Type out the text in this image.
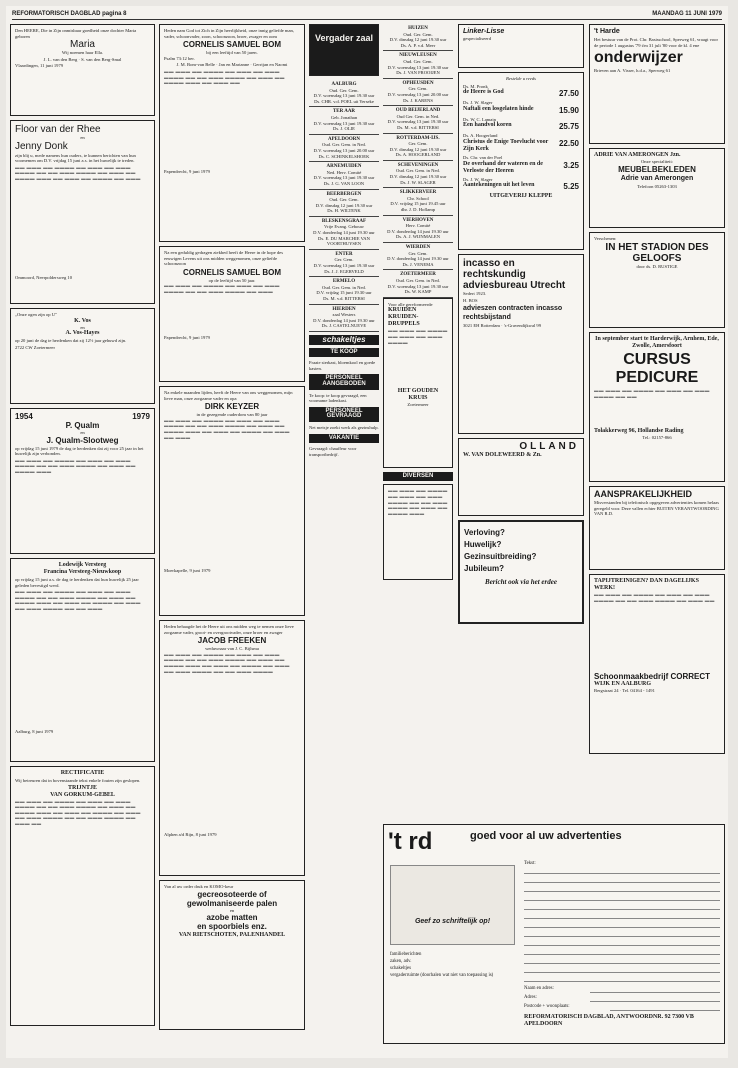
REFORMATORISCH DAGBLAD pagina 8	MAANDAG 11 JUNI 1979
Den HEERE, Die in Zijn onmisbaar goedheid onze dochter Maria geboren
Maria
Wij noemen haar Ella.
J. L. van den Berg · S. van den Berg-Smal
Vlaardingen, 11 juni 1979
Floor van der Rhee
en
Jenny Donk
zijn blij u, mede namens hun ouders, te kunnen berichten van hun voornemen om D.V. vrijdag 15 juni a.s. in het huwelijk te treden.
▬▬ ▬▬▬ ▬▬ ▬▬▬▬ ▬▬ ▬▬▬ ▬▬ ▬▬▬ ▬▬▬▬ ▬▬ ▬▬ ▬▬▬ ▬▬▬▬ ▬▬ ▬▬▬ ▬▬ ▬▬▬▬ ▬▬▬ ▬▬ ▬▬▬ ▬▬ ▬▬▬▬ ▬▬ ▬▬▬
Ommoord, Neerpoldersweg 10
„Onze ogen zijn op U"
K. Vos
en
A. Vos-Hayes
op 20 juni de dag te herdenken dat zij 12½ jaar gehuwd zijn.
2722 CW Zoetermeer
1954	1979
P. Qualm
en
J. Qualm-Slootweg
op vrijdag 15 juni 1979 de dag te herdenken dat zij voor 25 jaar in het huwelijk zijn verbonden.
▬▬ ▬▬▬ ▬▬ ▬▬▬▬ ▬▬ ▬▬▬ ▬▬ ▬▬▬ ▬▬▬▬ ▬▬ ▬▬ ▬▬▬ ▬▬▬▬ ▬▬ ▬▬▬ ▬▬ ▬▬▬▬ ▬▬▬
Lodewijk Versteeg
Francina Versteeg-Nieuwkoop
op vrijdag 15 juni a.s. de dag te herdenken dat hun huwelijk 25 jaar geleden bevestigd werd.
▬▬ ▬▬▬ ▬▬ ▬▬▬▬ ▬▬ ▬▬▬ ▬▬ ▬▬▬ ▬▬▬▬ ▬▬ ▬▬ ▬▬▬ ▬▬▬▬ ▬▬ ▬▬▬ ▬▬ ▬▬▬▬ ▬▬▬ ▬▬ ▬▬▬ ▬▬ ▬▬▬▬ ▬▬ ▬▬▬ ▬▬ ▬▬▬ ▬▬▬▬ ▬▬ ▬▬ ▬▬▬
Aalburg, 8 juni 1979
RECTIFICATIE
Wij betreuren dat in bovenstaande tekst enkele fouten zijn geslopen.
TRIJNTJE
VAN GORKUM-GEBEL
▬▬ ▬▬▬ ▬▬ ▬▬▬▬ ▬▬ ▬▬▬ ▬▬ ▬▬▬ ▬▬▬▬ ▬▬ ▬▬ ▬▬▬ ▬▬▬▬ ▬▬ ▬▬▬ ▬▬ ▬▬▬▬ ▬▬▬ ▬▬ ▬▬▬ ▬▬ ▬▬▬▬ ▬▬ ▬▬▬ ▬▬ ▬▬▬ ▬▬▬▬ ▬▬ ▬▬ ▬▬▬ ▬▬▬▬ ▬▬ ▬▬▬ ▬▬
Heden nam God tot Zich in Zijn heerlijkheid, onze innig geliefde man, vader, schoonvader, zoon, schoonzoon, broer, zwager en oom
CORNELIS SAMUEL BOM
bij een leeftijd van 50 jaren.
Psalm 73:12 ber.
J. M. Bom-van Belle · Jan en Marianne · Gerrijan en Naomi
▬▬ ▬▬▬ ▬▬ ▬▬▬▬ ▬▬ ▬▬▬ ▬▬ ▬▬▬ ▬▬▬▬ ▬▬ ▬▬ ▬▬▬ ▬▬▬▬ ▬▬ ▬▬▬ ▬▬ ▬▬▬▬ ▬▬▬ ▬▬ ▬▬▬ ▬▬
Papendrecht, 9 juni 1979
Na een geduldig gedragen ziekbed heeft de Heere in de hope des eeuwigen Levens uit ons midden weggenomen, onze geliefde schoonzoon
CORNELIS SAMUEL BOM
op de leeftijd van 50 jaar.
▬▬ ▬▬▬ ▬▬ ▬▬▬▬ ▬▬ ▬▬▬ ▬▬ ▬▬▬ ▬▬▬▬ ▬▬ ▬▬ ▬▬▬ ▬▬▬▬ ▬▬ ▬▬▬
Papendrecht, 9 juni 1979
Na enkele maanden lijden, heeft de Heere van ons weggenomen, mijn lieve man, onze zorgzame vader en opa
DIRK KEYZER
in de gezegende ouderdom van 80 jaar
▬▬ ▬▬▬ ▬▬ ▬▬▬▬ ▬▬ ▬▬▬ ▬▬ ▬▬▬ ▬▬▬▬ ▬▬ ▬▬ ▬▬▬ ▬▬▬▬ ▬▬ ▬▬▬ ▬▬ ▬▬▬▬ ▬▬▬ ▬▬ ▬▬▬ ▬▬ ▬▬▬▬ ▬▬ ▬▬▬ ▬▬ ▬▬▬
Moerkapelle, 9 juni 1979
Heden behaagde het de Heere uit ons midden weg te nemen onze lieve zorgzame vader, groot- en overgrootvader, onze broer en zwager
JACOB FREEKEN
weduwnaar van J. C. Bijlsma
▬▬ ▬▬▬ ▬▬ ▬▬▬▬ ▬▬ ▬▬▬ ▬▬ ▬▬▬ ▬▬▬▬ ▬▬ ▬▬ ▬▬▬ ▬▬▬▬ ▬▬ ▬▬▬ ▬▬ ▬▬▬▬ ▬▬▬ ▬▬ ▬▬▬ ▬▬ ▬▬▬▬ ▬▬ ▬▬▬ ▬▬ ▬▬▬ ▬▬▬▬ ▬▬ ▬▬ ▬▬▬ ▬▬▬▬
Alphen a/d Rijn, 8 juni 1979
Van al uw order druk en KOMO-keur
gecreosoteerde of
gewolmaniseerde palen
en
azobe matten
en spoorbiels enz.
VAN RIETSCHOTEN, PALENHANDEL
Vergader zaal
AALBURG
Oud. Ger. Gem.
D.V. woensdag 13 juni 19.30 uur
Ds. CHR. v.d. POEL uit Yerseke
TER AAR
Geb. Jonathan
D.V. woensdag 13 juni 19.30 uur
Ds. J. OLIE
APELDOORN
Oud. Ger. Gem. in Ned.
D.V. woensdag 13 juni 20.00 uur
Ds. C. SCHINKELSHOEK
ARNEMUIDEN
Ned. Herv. Comité
D.V. woensdag 13 juni 19.30 uur
Ds. J. G. VAN LOON
BEERBERGEN
Oud. Ger. Gem.
D.V. dinsdag 12 juni 19.30 uur
Ds. H. WILTENK
BLESKENSGRAAF
Vrije Evang. Gebouw
D.V. donderdag 14 juni 19.30 uur
Ds. E. DU MARCHIE VAN VOORTHUYSEN
ENTER
Ger. Gem.
D.V. woensdag 13 juni 19.30 uur
Ds. J. J. EGERVELD
ERMELO
Oud. Ger. Gem. in Ned.
D.V. vrijdag 15 juni 19.30 uur
Ds. M. v.d. RITTERSI
HIERDEN
zaal Westers
D.V. donderdag 14 juni 19.30 uur
Ds. J. CASTELNUEVE
schakeltjes
TE KOOP
Fraaie sierkast, bloemkool en goede kasten.
PERSONEEL AANGEBODEN
Te koop: te koop gevraagd, een voorname ladenkast.
PERSONEEL GEVRAAGD
Net meisje zoekt werk als gezinshulp.
VAKANTIE
Gevraagd: chauffeur voor transportbedrijf.
HUIZEN
Oud. Ger. Gem.
D.V. dinsdag 12 juni 19.30 uur
Ds. A. P. v.d. Meer
NIEUWLEUSEN
Oud. Ger. Gem.
D.V. woensdag 13 juni 19.30 uur
Ds. J. VAN FROOIJEN
OPHEUSDEN
Ger. Gem.
D.V. woensdag 13 juni 20.00 uur
Ds. J. KARENS
OUD BEIJERLAND
Oud Ger. Gem. in Ned.
D.V. woensdag 13 juni 19.30 uur
Ds. M. v.d. RITTERSI
ROTTERDAM-IJS.
Ger. Gem.
D.V. dinsdag 12 juni 19.30 uur
Ds. A. HOOGERLAND
SCHEVENINGEN
Oud. Ger. Gem. in Ned.
D.V. dinsdag 12 juni 19.30 uur
Ds. J. W. SLAGER
SLIKKERVEER
Chr. School
D.V. vrijdag 15 juni 19.45 uur
dhr. J. D. Hoflamp
VIERHOVEN
Herv. Comité
D.V. donderdag 14 juni 19.30 uur
Ds. A. J. WIJNMALEN
WIERDEN
Ger. Gem.
D.V. donderdag 14 juni 19.30 uur
Ds. J. VENEMA
ZOETERMEER
Oud. Ger. Gem. in Ned.
D.V. woensdag 13 juni 19.30 uur
Ds. W. KAMP
Voor alle gereformeerde
KRUIDEN
KRUIDEN-DRUPPELS
▬▬ ▬▬▬ ▬▬ ▬▬▬▬ ▬▬ ▬▬▬ ▬▬ ▬▬▬ ▬▬▬▬
HET GOUDEN KRUIS
Zoetermeer
DIVERSEN
▬▬ ▬▬▬ ▬▬ ▬▬▬▬ ▬▬ ▬▬▬ ▬▬ ▬▬▬ ▬▬▬▬ ▬▬ ▬▬ ▬▬▬ ▬▬▬▬ ▬▬ ▬▬▬ ▬▬ ▬▬▬▬ ▬▬▬
Linker-Lisse
gespecialiseerd
Bestelde u reeds
Ds. M. Pronk
de Heere is God	27.50
Ds. J. W. Slager
Naftali een losgelaten hinde	15.90
Ds. W. C. Lamain
Een handvol koren	25.75
Ds. A. Hoogerland
Christus de Enige Toevlucht voor Zijn Kerk
22.50
Ds. Chr. van der Poel
De overhand der wateren en de Verloste der Heeren
3.25
Ds. J. W. Slager
Aantekeningen uit het leven	5.25
UITGEVERIJ KLEPPE
incasso en rechtskundig adviesbureau Utrecht
Sedert 1923.
H. BOS
advieszen contracten incasso rechtsbijstand
3021 EH Rotterdam · 's-Gravendijkwal 99
OLLAND
W. VAN DOLEWEERD & Zn.
Verloving?
Huwelijk?
Gezinsuitbreiding?
Jubileum?
Bericht ook via het erdee
't Harde
Het bestuur van de Prot. Chr. Basisschool, Sperweg 61, vraagt voor de periode 1 augustus '79 t/m 31 juli '80 voor de kl. 4 ene
onderwijzer
Brieven aan A. Visser, h.d.a., Sperweg 61
ADRIE VAN AMERONGEN Jzn.
Onze specialiteit:
MEUBELBEKLEDEN
Adrie van Amerongen
Telefoon 05263-1303
Verschenen:
IN HET STADION DES GELOOFS
door ds. D. RUSTIGE
In september start te Harderwijk, Arnhem, Ede, Zwolle, Amersfoort
CURSUS PEDICURE
▬▬ ▬▬▬ ▬▬ ▬▬▬▬ ▬▬ ▬▬▬ ▬▬ ▬▬▬ ▬▬▬▬ ▬▬ ▬▬
Tolakkerweg 96, Hollandse Rading
Tel.: 02157-866
AANSPRAKELIJKHEID
Misverstanden bij telefonisch opgegeven advertenties komen helaas geregeld voor. Deze vallen echter BUITEN VERANTWOORDING VAN R.D.
TAPIJTREINIGEN? DAN DAGELIJKS WERK!
▬▬ ▬▬▬ ▬▬ ▬▬▬▬ ▬▬ ▬▬▬ ▬▬ ▬▬▬ ▬▬▬▬ ▬▬ ▬▬ ▬▬▬ ▬▬▬▬ ▬▬ ▬▬▬ ▬▬
Schoonmaakbedrijf CORRECT
WIJK EN AALBURG
Bergstraat 24 · Tel. 04164 - 1491
't rd	goed voor al uw advertenties
Geef zo schriftelijk op!
familieberichten
zaken, adv.
schakeltjes
vergaderruimte (doorhalen wat niet van toepassing is)
Tekst:
Naam en adres:
Adres:
Postcode + woonplaats:
REFORMATORISCH DAGBLAD, ANTWOORDNR. 92 7300 VB APELDOORN
